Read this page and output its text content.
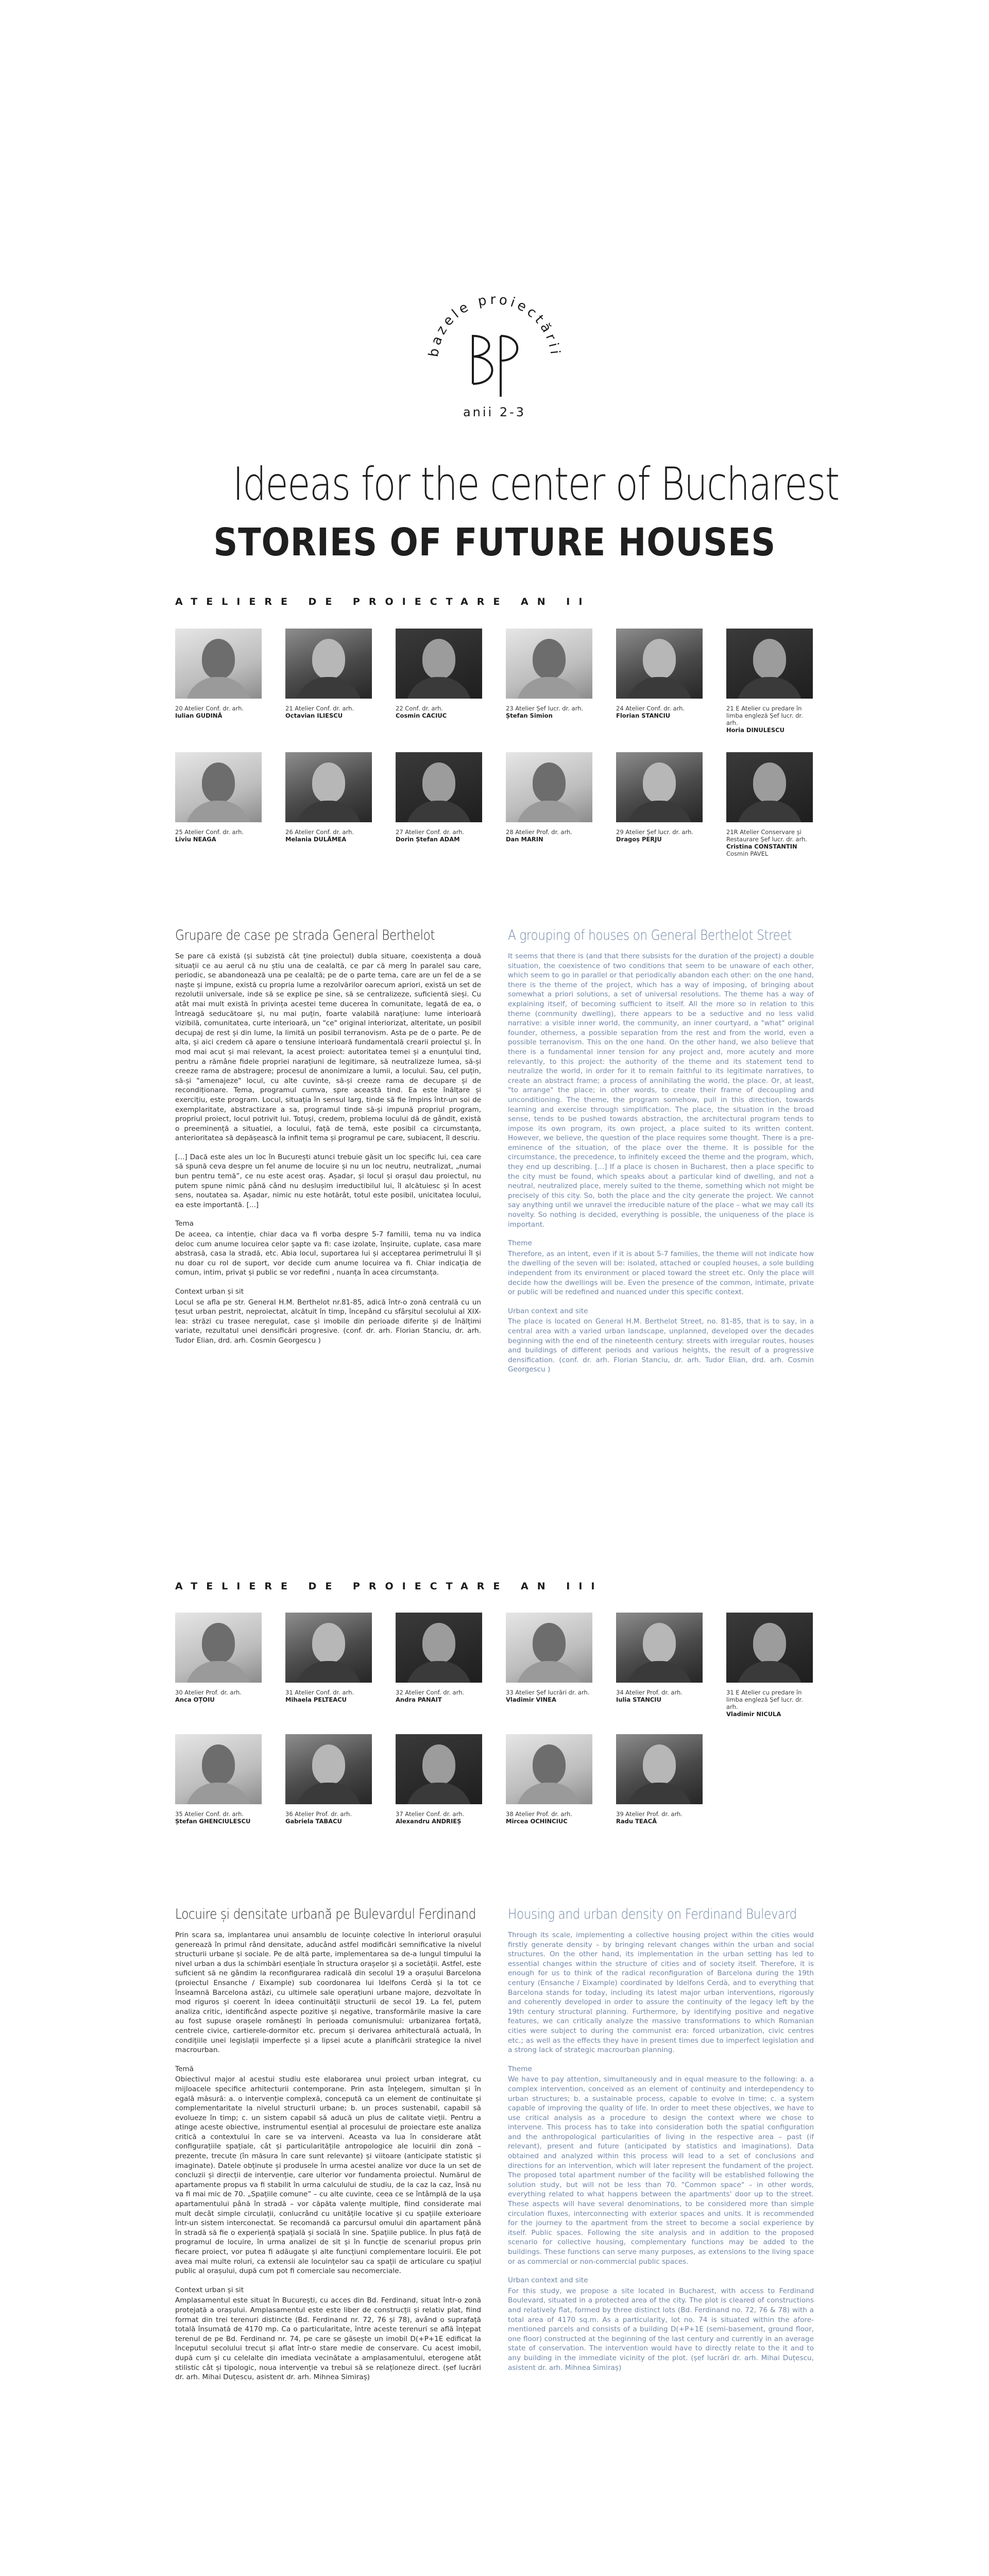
bazele proiectării
anii 2-3
Ideeas for the center of Bucharest
STORIES OF FUTURE HOUSES
ATELIERE DE PROIECTARE AN II
20 Atelier Conf. dr. arh.
Iulian GUDINĂ
21 Atelier Conf. dr. arh.
Octavian ILIESCU
22 Conf. dr. arh.
Cosmin CACIUC
23 Atelier Șef lucr. dr. arh.
Ștefan Simion
24 Atelier Conf. dr. arh.
Florian STANCIU
21 E Atelier cu predare în limba engleză Șef lucr. dr. arh.
Horia DINULESCU
25 Atelier Conf. dr. arh.
Liviu NEAGA
26 Atelier Conf. dr. arh.
Melania DULĂMEA
27 Atelier Conf. dr. arh.
Dorin Ștefan ADAM
28 Atelier Prof. dr. arh.
Dan MARIN
29 Atelier Șef lucr. dr. arh.
Dragoș PERJU
21R Atelier Conservare și Restaurare Șef lucr. dr. arh.
Cristina CONSTANTIN
Cosmin PAVEL
Grupare de case pe strada General Berthelot

Se pare că există (și subzistă cât ține proiectul) dubla situare, coexistența a două situații ce au aerul că nu știu una de cealaltă, ce par că merg în paralel sau care, periodic, se abandonează una pe cealaltă; pe de o parte tema, care are un fel de a se naște și impune, există cu propria lume a rezolvărilor oarecum apriori, există un set de rezolutii universale, inde să se explice pe sine, să se centralizeze, suficientă sieși. Cu atât mai mult există în privința acestei teme ducerea în comunitate, legată de ea, o întreagă seducătoare și, nu mai puțin, foarte valabilă narațiune: lume interioară vizibilă, comunitatea, curte interioară, un "ce" original interiorizat, alteritate, un posibil decupaj de rest și din lume, la limită un posibil terranovism. Asta pe de o parte. Pe de alta, și aici credem că apare o tensiune interioară fundamentală crearii proiectul și. În mod mai acut și mai relevant, la acest proiect: autoritatea temei și a enunțului tind, pentru a rămâne fidele propriei narațiuni de legitimare, să neutralizeze lumea, să-și creeze rama de abstragere; procesul de anonimizare a lumii, a locului. Sau, cel puțin, să-și "amenajeze" locul, cu alte cuvinte, să-și creeze rama de decupare și de recondiționare. Tema, programul cumva, spre această tind. Ea este înălțare și exercițiu, este program. Locul, situația în sensul larg, tinde să fie împins într-un soi de exemplaritate, abstractizare a sa, programul tinde să-și impună propriul program, propriul proiect, locul potrivit lui. Totuși, credem, problema locului dă de gândit, există o preeminență a situatiei, a locului, față de temă, este posibil ca circumstanța, anterioritatea să depășească la infinit tema și programul pe care, subiacent, îl descriu.

[...] Dacă este ales un loc în București atunci trebuie găsit un loc specific lui, cea care să spună ceva despre un fel anume de locuire și nu un loc neutru, neutralizat, „numai bun pentru temă”, ce nu este acest oraș. Așadar, și locul și orașul dau proiectul, nu putem spune nimic până când nu deslușim irreductibilul lui, îl alcătuiesc și în acest sens, noutatea sa. Așadar, nimic nu este hotărât, totul este posibil, unicitatea locului, ea este importantă. [...]

Tema

De aceea, ca intenție, chiar daca va fi vorba despre 5-7 familii, tema nu va indica deloc cum anume locuirea celor șapte va fi: case izolate, înșiruite, cuplate, casa mare abstrasă, casa la stradă, etc. Abia locul, suportarea lui și acceptarea perimetrului îl și nu doar cu rol de suport, vor decide cum anume locuirea va fi. Chiar indicația de comun, intim, privat și public se vor redefini , nuanța în acea circumstanța.

Context urban și sit

Locul se afla pe str. General H.M. Berthelot nr.81-85, adică într-o zonă centrală cu un țesut urban pestrit, neproiectat, alcătuit în timp, începând cu sfârșitul secolului al XIX-lea: străzi cu trasee neregulat, case și imobile din perioade diferite și de înălțimi variate, rezultatul unei densificări progresive. (conf. dr. arh. Florian Stanciu, dr. arh. Tudor Elian, drd. arh. Cosmin Georgescu )

A grouping of houses on General Berthelot Street

It seems that there is (and that there subsists for the duration of the project) a double situation, the coexistence of two conditions that seem to be unaware of each other, which seem to go in parallel or that periodically abandon each other: on the one hand, there is the theme of the project, which has a way of imposing, of bringing about somewhat a priori solutions, a set of universal resolutions. The theme has a way of explaining itself, of becoming sufficient to itself. All the more so in relation to this theme (community dwelling), there appears to be a seductive and no less valid narrative: a visible inner world, the community, an inner courtyard, a "what" original founder, otherness, a possible separation from the rest and from the world, even a possible terranovism. This on the one hand. On the other hand, we also believe that there is a fundamental inner tension for any project and, more acutely and more relevantly, to this project: the authority of the theme and its statement tend to neutralize the world, in order for it to remain faithful to its legitimate narratives, to create an abstract frame; a process of annihilating the world, the place. Or, at least, "to arrange" the place; in other words, to create their frame of decoupling and unconditioning. The theme, the program somehow, pull in this direction, towards learning and exercise through simplification. The place, the situation in the broad sense, tends to be pushed towards abstraction, the architectural program tends to impose its own program, its own project, a place suited to its written content. However, we believe, the question of the place requires some thought. There is a pre-eminence of the situation, of the place over the theme. It is possible for the circumstance, the precedence, to infinitely exceed the theme and the program, which, they end up describing. [...] If a place is chosen in Bucharest, then a place specific to the city must be found, which speaks about a particular kind of dwelling, and not a neutral, neutralized place, merely suited to the theme, something which not might be precisely of this city. So, both the place and the city generate the project. We cannot say anything until we unravel the irreducible nature of the place – what we may call its novelty. So nothing is decided, everything is possible, the uniqueness of the place is important.

Theme

Therefore, as an intent, even if it is about 5-7 families, the theme will not indicate how the dwelling of the seven will be: isolated, attached or coupled houses, a sole building independent from its environment or placed toward the street etc. Only the place will decide how the dwellings will be. Even the presence of the common, intimate, private or public will be redefined and nuanced under this specific context.

Urban context and site

The place is located on General H.M. Berthelot Street, no. 81-85, that is to say, in a central area with a varied urban landscape, unplanned, developed over the decades beginning with the end of the nineteenth century: streets with irregular routes, houses and buildings of different periods and various heights, the result of a progressive densification. (conf. dr. arh. Florian Stanciu, dr. arh. Tudor Elian, drd. arh. Cosmin Georgescu )

ATELIERE DE PROIECTARE AN III
30 Atelier Prof. dr. arh.
Anca OȚOIU
31 Atelier Conf. dr. arh.
Mihaela PELTEACU
32 Atelier Conf. dr. arh.
Andra PANAIT
33 Atelier Șef lucrări dr. arh.
Vladimir VINEA
34 Atelier Prof. dr. arh.
Iulia STANCIU
31 E Atelier cu predare în limba engleză Șef lucr. dr. arh.
Vladimir NICULA
35 Atelier Conf. dr. arh.
Ștefan GHENCIULESCU
36 Atelier Prof. dr. arh.
Gabriela TABACU
37 Atelier Conf. dr. arh.
Alexandru ANDRIEȘ
38 Atelier Prof. dr. arh.
Mircea OCHINCIUC
39 Atelier Prof. dr. arh.
Radu TEACĂ
Locuire și densitate urbană pe Bulevardul Ferdinand

Prin scara sa, implantarea unui ansamblu de locuințe colective în interiorul orașului generează în primul rând densitate, aducând astfel modificări semnificative la nivelul structurii urbane și sociale. Pe de altă parte, implementarea sa de-a lungul timpului la nivel urban a dus la schimbări esențiale în structura orașelor și a societății. Astfel, este suficient să ne gândim la reconfigurarea radicală din secolul 19 a orașului Barcelona (proiectul Ensanche / Eixample) sub coordonarea lui Idelfons Cerdà și la tot ce înseamnă Barcelona astăzi, cu ultimele sale operațiuni urbane majore, dezvoltate în mod riguros și coerent în ideea continuității structurii de secol 19. La fel, putem analiza critic, identificând aspecte pozitive și negative, transformările masive la care au fost supuse orașele românești în perioada comunismului: urbanizarea forțată, centrele civice, cartierele-dormitor etc. precum și derivarea arhitecturală actuală, în condițiile unei legislații imperfecte și a lipsei acute a planificării strategice la nivel macrourban.

Temă

Obiectivul major al acestui studiu este elaborarea unui proiect urban integrat, cu mijloacele specifice arhitecturii contemporane. Prin asta înțelegem, simultan și în egală măsură: a. o intervenție complexă, concepută ca un element de continuitate și complementaritate la nivelul structurii urbane; b. un proces sustenabil, capabil să evolueze în timp; c. un sistem capabil să aducă un plus de calitate vieții. Pentru a atinge aceste obiective, instrumentul esențial al procesului de proiectare este analiza critică a contextului în care se va interveni. Aceasta va lua în considerare atât configurațiile spațiale, cât și particularitățile antropologice ale locuirii din zonă – prezente, trecute (în măsura în care sunt relevante) și viitoare (anticipate statistic și imaginate). Datele obținute și produsele în urma acestei analize vor duce la un set de concluzii și direcții de intervenție, care ulterior vor fundamenta proiectul. Numărul de apartamente propus va fi stabilit în urma calculului de studiu, de la caz la caz, însă nu va fi mai mic de 70. „Spațiile comune” – cu alte cuvinte, ceea ce se întâmplă de la ușa apartamentului până în stradă – vor căpăta valențe multiple, fiind considerate mai mult decât simple circulații, conlucrând cu unitățile locative și cu spațiile exterioare într-un sistem interconectat. Se recomandă ca parcursul omului din apartament până în stradă să fie o experiență spațială și socială în sine. Spațiile publice. În plus față de programul de locuire, în urma analizei de sit și în funcție de scenariul propus prin fiecare proiect, vor putea fi adăugate și alte funcțiuni complementare locuirii. Ele pot avea mai multe roluri, ca extensii ale locuințelor sau ca spații de articulare cu spațiul public al orașului, după cum pot fi comerciale sau necomerciale.

Context urban și sit

Amplasamentul este situat în București, cu acces din Bd. Ferdinand, situat într-o zonă protejată a orașului. Amplasamentul este este liber de construcții și relativ plat, fiind format din trei terenuri distincte (Bd. Ferdinand nr. 72, 76 și 78), având o suprafață totală însumată de 4170 mp. Ca o particularitate, între aceste terenuri se află înțepat terenul de pe Bd. Ferdinand nr. 74, pe care se găsește un imobil D(+P+1E edificat la începutul secolului trecut și aflat într-o stare medie de conservare. Cu acest imobil, după cum și cu celelalte din imediata vecinătate a amplasamentului, eterogene atât stilistic cât și tipologic, noua intervenție va trebui să se relaționeze direct. (șef lucrări dr. arh. Mihai Duțescu, asistent dr. arh. Mihnea Simiraș)

Housing and urban density on Ferdinand Bulevard

Through its scale, implementing a collective housing project within the cities would firstly generate density – by bringing relevant changes within the urban and social structures. On the other hand, its implementation in the urban setting has led to essential changes within the structure of cities and of society itself. Therefore, it is enough for us to think of the radical reconfiguration of Barcelona during the 19th century (Ensanche / Eixample) coordinated by Idelfons Cerdà, and to everything that Barcelona stands for today, including its latest major urban interventions, rigorously and coherently developed in order to assure the continuity of the legacy left by the 19th century structural planning. Furthermore, by identifying positive and negative features, we can critically analyze the massive transformations to which Romanian cities were subject to during the communist era: forced urbanization, civic centres etc.; as well as the effects they have in present times due to imperfect legislation and a strong lack of strategic macrourban planning.

Theme

We have to pay attention, simultaneously and in equal measure to the following: a. a complex intervention, conceived as an element of continuity and interdependency to urban structures; b. a sustainable process, capable to evolve in time; c. a system capable of improving the quality of life. In order to meet these objectives, we have to use critical analysis as a procedure to design the context where we chose to intervene. This process has to take into consideration both the spatial configuration and the anthropological particularities of living in the respective area – past (if relevant), present and future (anticipated by statistics and imaginations). Data obtained and analyzed within this process will lead to a set of conclusions and directions for an intervention, which will later represent the fundament of the project. The proposed total apartment number of the facility will be established following the solution study, but will not be less than 70. "Common space" – in other words, everything related to what happens between the apartments' door up to the street. These aspects will have several denominations, to be considered more than simple circulation fluxes, interconnecting with exterior spaces and units. It is recommended for the journey to the apartment from the street to become a social experience by itself. Public spaces. Following the site analysis and in addition to the proposed scenario for collective housing, complementary functions may be added to the buildings. These functions can serve many purposes, as extensions to the living space or as commercial or non-commercial public spaces.

Urban context and site

For this study, we propose a site located in Bucharest, with access to Ferdinand Boulevard, situated in a protected area of the city. The plot is cleared of constructions and relatively flat, formed by three distinct lots (Bd. Ferdinand no. 72, 76 & 78) with a total area of 4170 sq.m. As a particularity, lot no. 74 is situated within the afore-mentioned parcels and consists of a building D(+P+1E (semi-basement, ground floor, one floor) constructed at the beginning of the last century and currently in an average state of conservation. The intervention would have to directly relate to the it and to any building in the immediate vicinity of the plot. (șef lucrări dr. arh. Mihai Duțescu, asistent dr. arh. Mihnea Simiraș)
